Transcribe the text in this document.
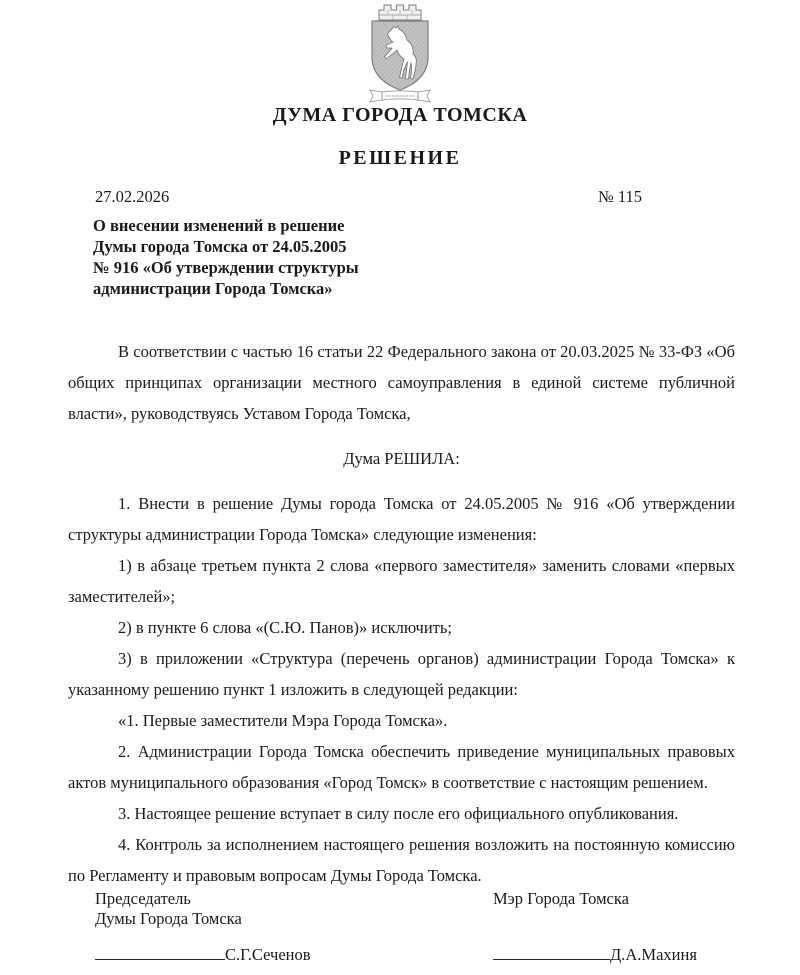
ДУМА ГОРОДА ТОМСКА
РЕШЕНИЕ
27.02.2026	№ 115
О внесении изменений в решение
Думы города Томска от 24.05.2005
№ 916 «Об утверждении структуры
администрации Города Томска»

В соответствии с частью 16 статьи 22 Федерального закона от 20.03.2025 № 33-ФЗ «Об общих принципах организации местного самоуправления в единой системе публичной власти», руководствуясь Уставом Города Томска,

Дума РЕШИЛА:

1. Внести в решение Думы города Томска от 24.05.2005 № 916 «Об утверждении структуры администрации Города Томска» следующие изменения:

1) в абзаце третьем пункта 2 слова «первого заместителя» заменить словами «первых заместителей»;

2) в пункте 6 слова «(С.Ю. Панов)» исключить;

3) в приложении «Структура (перечень органов) администрации Города Томска» к указанному решению пункт 1 изложить в следующей редакции:

«1. Первые заместители Мэра Города Томска».

2. Администрации Города Томска обеспечить приведение муниципальных правовых актов муниципального образования «Город Томск» в соответствие с настоящим решением.

3. Настоящее решение вступает в силу после его официального опубликования.

4. Контроль за исполнением настоящего решения возложить на постоянную комиссию по Регламенту и правовым вопросам Думы Города Томска.

Председатель
Думы Города Томска
Мэр Города Томска
С.Г.Сеченов	Д.А.Махиня
